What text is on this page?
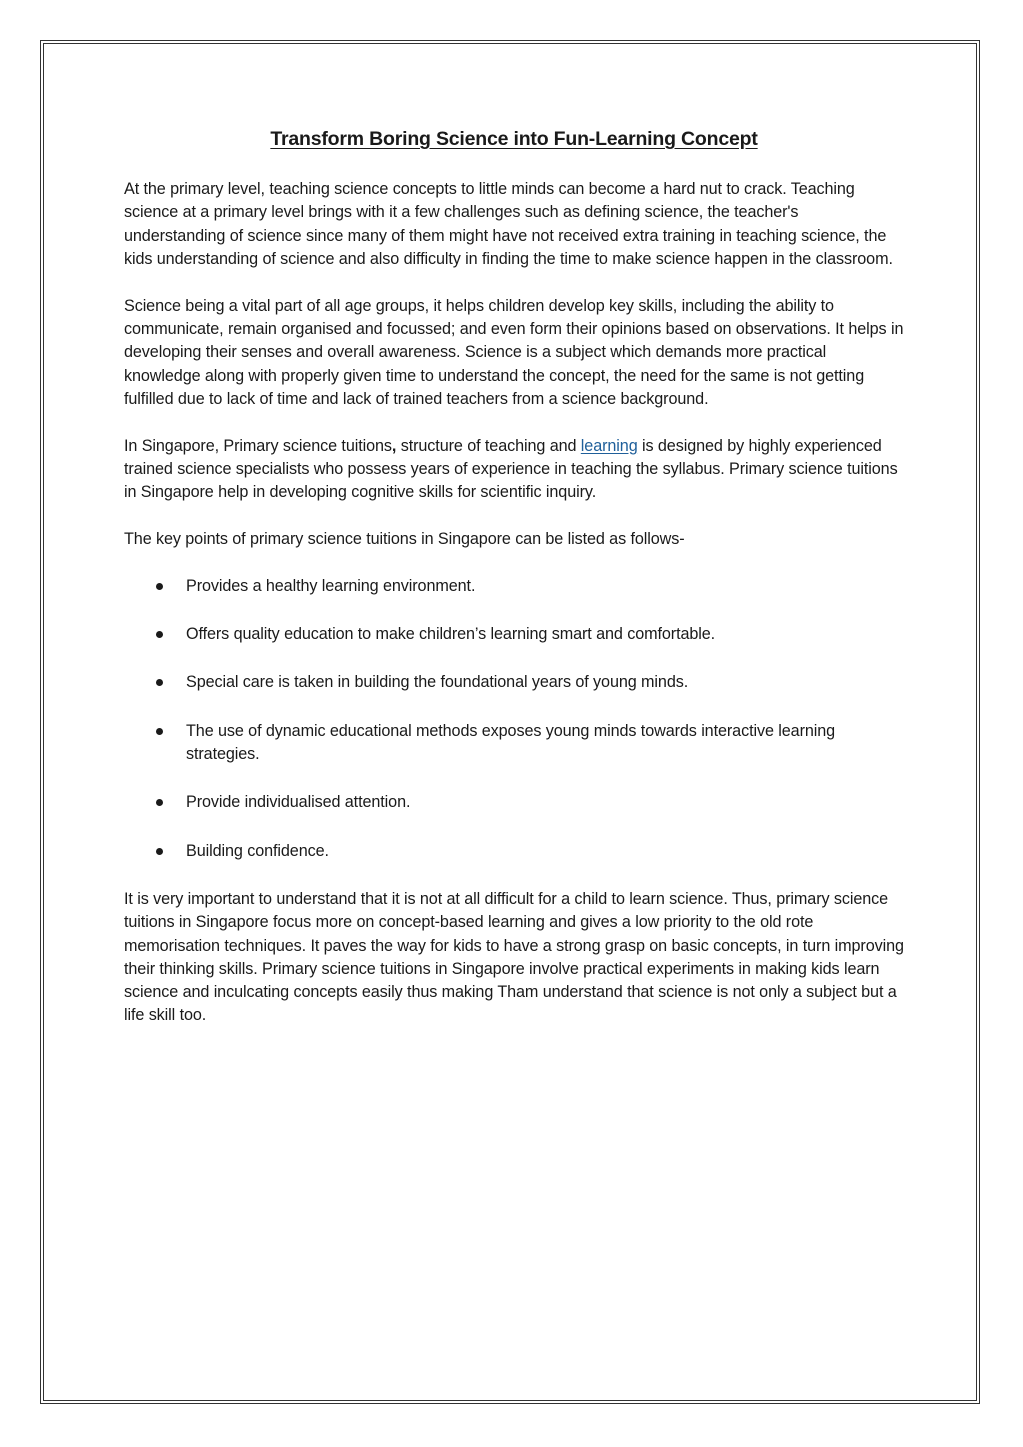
Transform Boring Science into Fun-Learning Concept

At the primary level, teaching science concepts to little minds can become a hard nut to crack. Teaching science at a primary level brings with it a few challenges such as defining science, the teacher's understanding of science since many of them might have not received extra training in teaching science, the kids understanding of science and also difficulty in finding the time to make science happen in the classroom.

Science being a vital part of all age groups, it helps children develop key skills, including the ability to communicate, remain organised and focussed; and even form their opinions based on observations. It helps in developing their senses and overall awareness. Science is a subject which demands more practical knowledge along with properly given time to understand the concept, the need for the same is not getting fulfilled due to lack of time and lack of trained teachers from a science background.

In Singapore, Primary science tuitions, structure of teaching and learning is designed by highly experienced trained science specialists who possess years of experience in teaching the syllabus. Primary science tuitions in Singapore help in developing cognitive skills for scientific inquiry.

The key points of primary science tuitions in Singapore can be listed as follows-

Provides a healthy learning environment.
Offers quality education to make children’s learning smart and comfortable.
Special care is taken in building the foundational years of young minds.
The use of dynamic educational methods exposes young minds towards interactive learning strategies.
Provide individualised attention.
Building confidence.

It is very important to understand that it is not at all difficult for a child to learn science. Thus, primary science tuitions in Singapore focus more on concept-based learning and gives a low priority to the old rote memorisation techniques. It paves the way for kids to have a strong grasp on basic concepts, in turn improving their thinking skills. Primary science tuitions in Singapore involve practical experiments in making kids learn science and inculcating concepts easily thus making Tham understand that science is not only a subject but a life skill too.
